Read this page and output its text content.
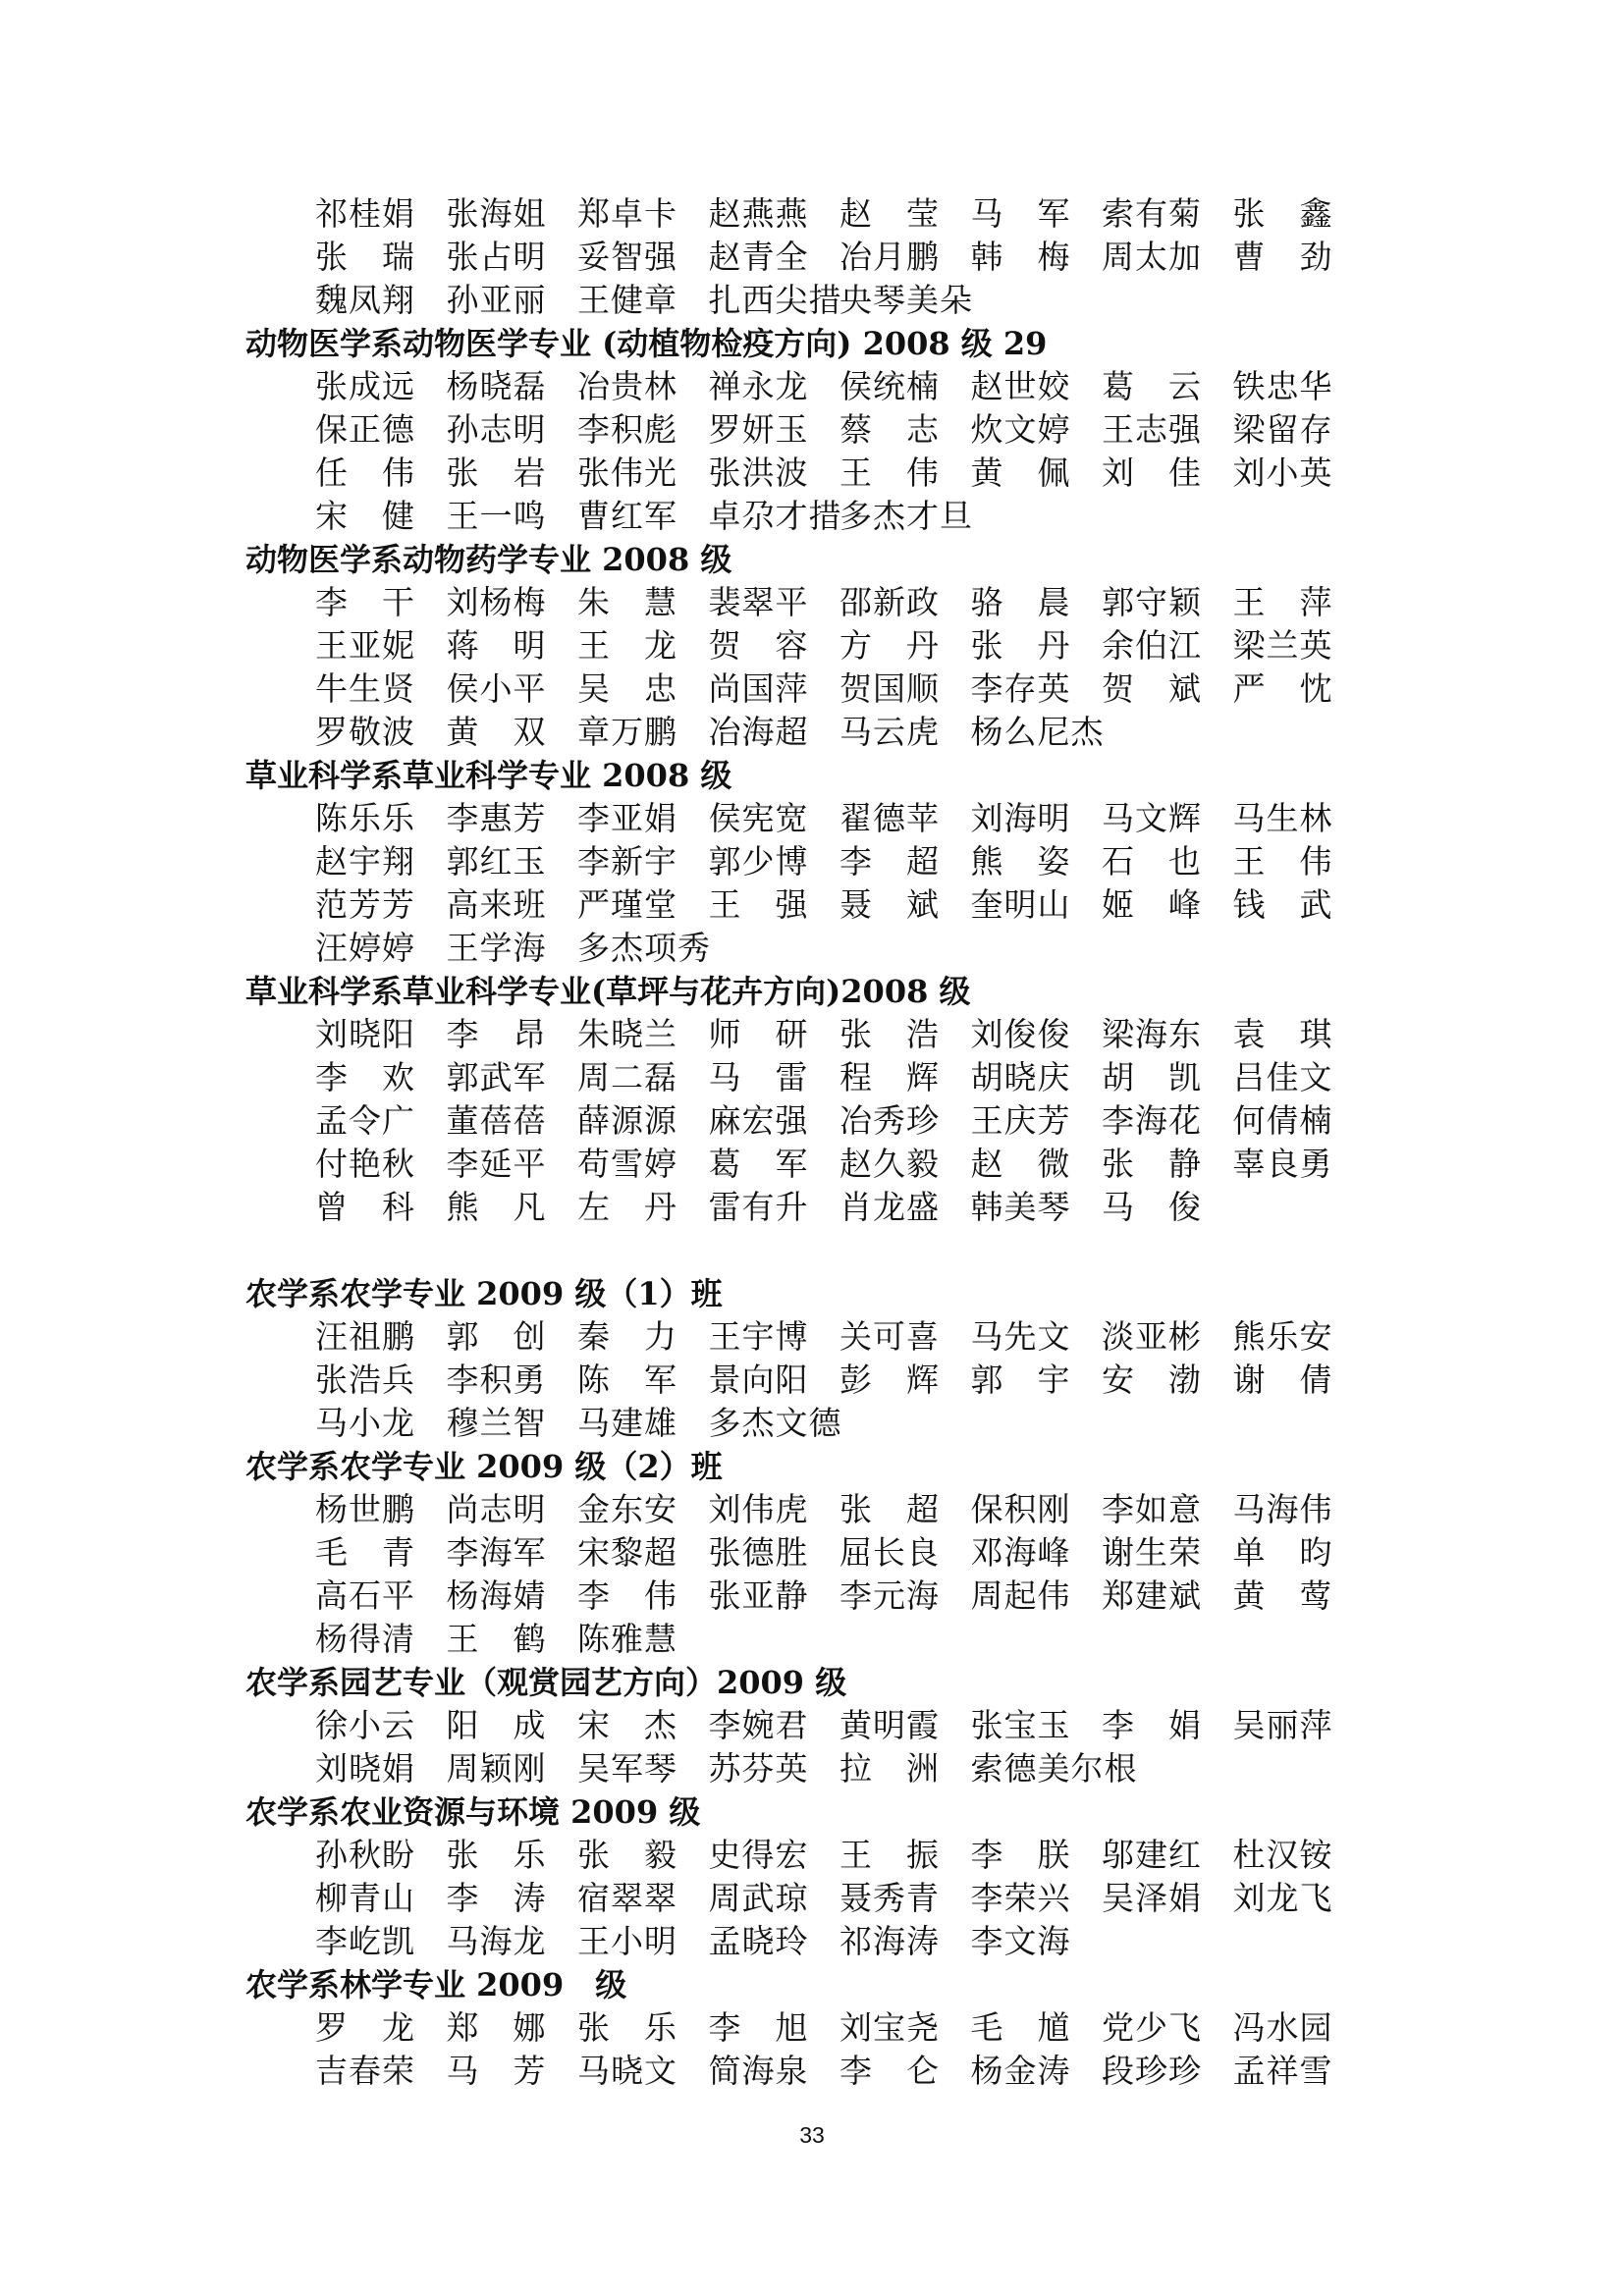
祁桂娟 张海姐 郑卓卡 赵燕燕 赵　莹 马　军 索有菊 张　鑫
张　瑞 张占明 妥智强 赵青全 冶月鹏 韩　梅 周太加 曹　劲
魏凤翔 孙亚丽 王健章 扎西尖措
央琴美朵
动物医学系动物医学专业 (动植物检疫方向) 2008 级 29
张成远 杨晓磊 冶贵林 禅永龙 侯统楠 赵世姣 葛　云 铁忠华
保正德 孙志明 李积彪 罗妍玉 蔡　志 炊文婷 王志强 梁留存
任　伟 张　岩 张伟光 张洪波 王　伟 黄　佩 刘　佳 刘小英
宋　健 王一鸣 曹红军 卓尕才措
多杰才旦
动物医学系动物药学专业 2008 级
李　干 刘杨梅 朱　慧 裴翠平 邵新政 骆　晨 郭守颖 王　萍
王亚妮 蒋　明 王　龙 贺　容 方　丹 张　丹 余伯江 梁兰英
牛生贤 侯小平 吴　忠 尚国萍 贺国顺 李存英 贺　斌 严　忱
罗敬波 黄　双 章万鹏 冶海超 马云虎 杨么尼杰
草业科学系草业科学专业 2008 级
陈乐乐 李惠芳 李亚娟 侯宪宽 翟德苹 刘海明 马文辉 马生林
赵宇翔 郭红玉 李新宇 郭少博 李　超 熊　姿 石　也 王　伟
范芳芳 高来班 严瑾堂 王　强 聂　斌 奎明山 姬　峰 钱　武
汪婷婷 王学海 多杰项秀
草业科学系草业科学专业(草坪与花卉方向)2008 级
刘晓阳 李　昂 朱晓兰 师　研 张　浩 刘俊俊 梁海东 袁　琪
李　欢 郭武军 周二磊 马　雷 程　辉 胡晓庆 胡　凯 吕佳文
孟令广 董蓓蓓 薛源源 麻宏强 冶秀珍 王庆芳 李海花 何倩楠
付艳秋 李延平 苟雪婷 葛　军 赵久毅 赵　微 张　静 辜良勇
曾　科 熊　凡 左　丹 雷有升 肖龙盛 韩美琴 马　俊
农学系农学专业 2009 级（1）班
汪祖鹏 郭　创 秦　力 王宇博 关可喜 马先文 淡亚彬 熊乐安
张浩兵 李积勇 陈　军 景向阳 彭　辉 郭　宇 安　渤 谢　倩
马小龙 穆兰智 马建雄 多杰文德
农学系农学专业 2009 级（2）班
杨世鹏 尚志明 金东安 刘伟虎 张　超 保积刚 李如意 马海伟
毛　青 李海军 宋黎超 张德胜 屈长良 邓海峰 谢生荣 单　昀
高石平 杨海婧 李　伟 张亚静 李元海 周起伟 郑建斌 黄　莺
杨得清 王　鹤 陈雅慧
农学系园艺专业（观赏园艺方向）2009 级
徐小云 阳　成 宋　杰 李婉君 黄明霞 张宝玉 李　娟 吴丽萍
刘晓娟 周颖刚 吴军琴 苏芬英 拉　洲 索德美尔根
农学系农业资源与环境 2009 级
孙秋盼 张　乐 张　毅 史得宏 王　振 李　朕 邬建红 杜汉铵
柳青山 李　涛 宿翠翠 周武琼 聂秀青 李荣兴 吴泽娟 刘龙飞
李屹凯 马海龙 王小明 孟晓玲 祁海涛 李文海
农学系林学专业 2009　级
罗　龙 郑　娜 张　乐 李　旭 刘宝尧 毛　馗 党少飞 冯水园
吉春荣 马　芳 马晓文 简海泉 李　仑 杨金涛 段珍珍 孟祥雪
33
